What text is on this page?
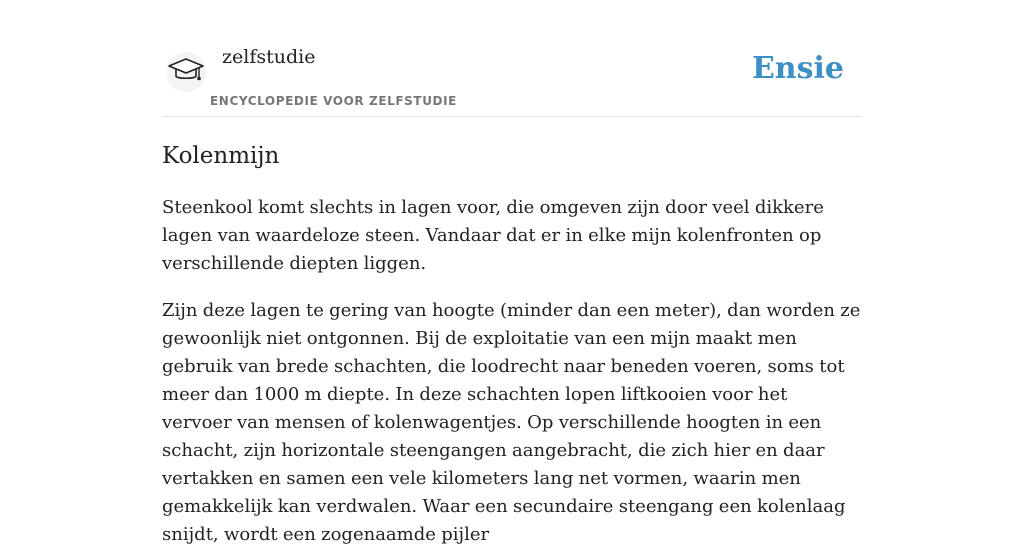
zelfstudie
ENCYCLOPEDIE VOOR ZELFSTUDIE
Ensie
Kolenmijn

Steenkool komt slechts in lagen voor, die omgeven zijn door veel dikkere lagen van waardeloze steen. Vandaar dat er in elke mijn kolenfronten op verschillende diepten liggen.

Zijn deze lagen te gering van hoogte (minder dan een meter), dan worden ze gewoonlijk niet ontgonnen. Bij de exploitatie van een mijn maakt men gebruik van brede schachten, die loodrecht naar beneden voeren, soms tot meer dan 1000 m diepte. In deze schachten lopen liftkooien voor het vervoer van mensen of kolenwagentjes. Op verschillende hoogten in een schacht, zijn horizontale steengangen aangebracht, die zich hier en daar vertakken en samen een vele kilometers lang net vormen, waarin men gemakkelijk kan verdwalen. Waar een secundaire steengang een kolenlaag snijdt, wordt een zogenaamde pijler
